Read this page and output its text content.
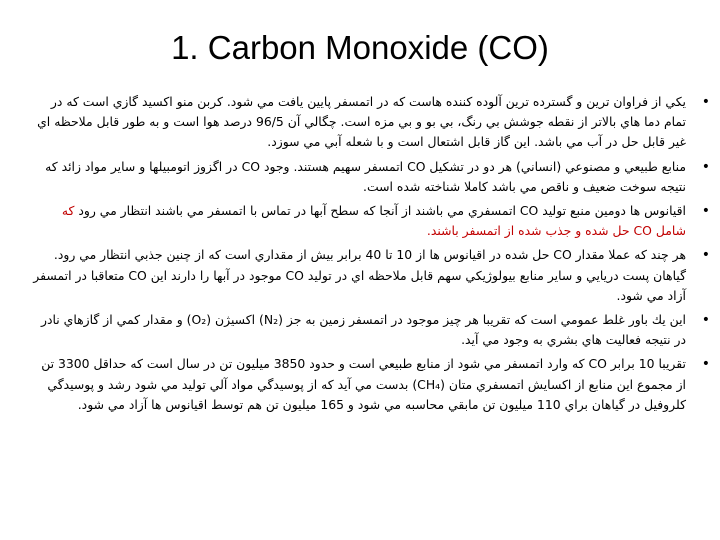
1. Carbon Monoxide (CO)
•
يكي از فراوان ترين و گسترده ترين آلوده كننده هاست كه در اتمسفر پايين يافت مي شود. كربن منو اكسيد گازي است كه در تمام دما هاي بالاتر از نقطه جوشش بي رنگ، بي بو و بي مزه است. چگالي آن 96/5 درصد هوا است و به طور قابل ملاحظه اي غير قابل حل در آب مي باشد. اين گاز قابل اشتعال است و با شعله آبي مي سوزد.
•
منابع طبيعي و مصنوعي (انساني) هر دو در تشكيل CO اتمسفر سهيم هستند. وجود CO در اگزوز اتومبيلها و ساير مواد زائد كه نتيجه سوخت ضعيف و ناقص مي باشد كاملا شناخته شده است.
•
اقيانوس ها دومين منبع توليد CO اتمسفري مي باشند از آنجا كه سطح آبها در تماس با اتمسفر مي باشند انتظار مي رود كه شامل CO حل شده و جذب شده از اتمسفر باشند.
•
هر چند كه عملا مقدار CO حل شده در اقيانوس ها از 10 تا 40 برابر بيش از مقداري است كه از چنين جذبي انتظار مي رود. گياهان پست دريايي و ساير منابع بيولوژيكي سهم قابل ملاحظه اي در توليد CO موجود در آبها را دارند اين CO متعاقبا در اتمسفر آزاد مي شود.
•
اين يك باور غلط عمومي است كه تقريبا هر چيز موجود در اتمسفر زمين به جز (N₂) اكسيژن (O₂) و مقدار كمي از گازهاي نادر در نتيجه فعاليت هاي بشري به وجود مي آيد.
•
تقريبا 10 برابر CO كه وارد اتمسفر مي شود از منابع طبيعي است و حدود 3850 ميليون تن در سال است كه حداقل 3300 تن از مجموع اين منابع از اكسايش اتمسفري متان (CH₄) بدست مي آيد كه از پوسيدگي مواد آلي توليد مي شود رشد و پوسيدگي كلروفيل در گياهان براي 110 ميليون تن مابقي محاسبه مي شود و 165 ميليون تن هم توسط اقيانوس ها آزاد مي شود.
